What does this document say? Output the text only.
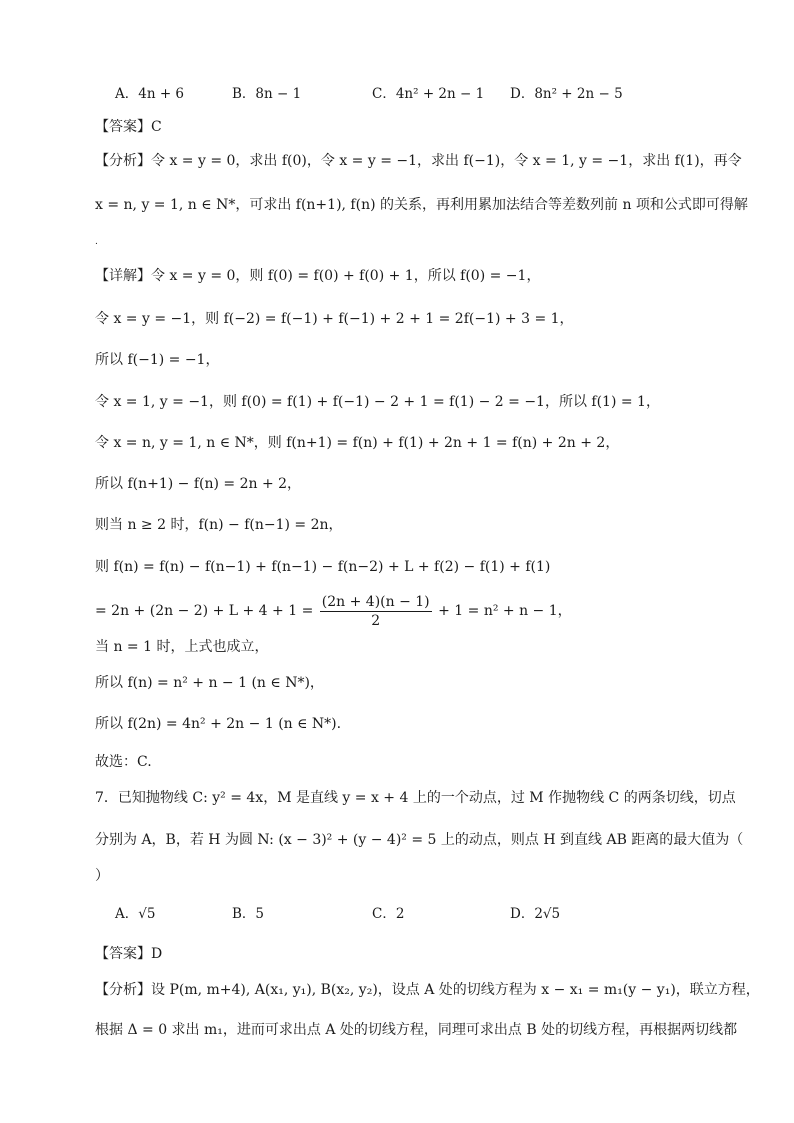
A．4n + 6	B．8n − 1	C．4n² + 2n − 1 D．8n² + 2n − 5
【答案】C
【分析】令 x = y = 0，求出 f(0)，令 x = y = −1，求出 f(−1)，令 x = 1, y = −1，求出 f(1)，再令
x = n, y = 1, n ∈ N*，可求出 f(n+1), f(n) 的关系，再利用累加法结合等差数列前 n 项和公式即可得解
.
【详解】令 x = y = 0，则 f(0) = f(0) + f(0) + 1，所以 f(0) = −1，
令 x = y = −1，则 f(−2) = f(−1) + f(−1) + 2 + 1 = 2f(−1) + 3 = 1，
所以 f(−1) = −1，
令 x = 1, y = −1，则 f(0) = f(1) + f(−1) − 2 + 1 = f(1) − 2 = −1，所以 f(1) = 1，
令 x = n, y = 1, n ∈ N*，则 f(n+1) = f(n) + f(1) + 2n + 1 = f(n) + 2n + 2，
所以 f(n+1) − f(n) = 2n + 2，
则当 n ≥ 2 时，f(n) − f(n−1) = 2n，
则 f(n) = f(n) − f(n−1) + f(n−1) − f(n−2) + L + f(2) − f(1) + f(1)
= $2n + (2n - 2) + L + 4 + 1 = \frac{(2n + 4)(n - 1)}{2} + 1 = n^2 + n - 1$，
当 n = 1 时，上式也成立，
所以 f(n) = n² + n − 1 (n ∈ N*)，
所以 f(2n) = 4n² + 2n − 1 (n ∈ N*).
故选：C.
7．已知抛物线 C: y² = 4x，M 是直线 y = x + 4 上的一个动点，过 M 作抛物线 C 的两条切线，切点
分别为 A，B，若 H 为圆 N: (x − 3)² + (y − 4)² = 5 上的动点，则点 H 到直线 AB 距离的最大值为（
）
A．√5	B．5	C．2	D．2√5
【答案】D
【分析】设 P(m, m+4), A(x₁, y₁), B(x₂, y₂)，设点 A 处的切线方程为 x − x₁ = m₁(y − y₁)，联立方程，
根据 Δ = 0 求出 m₁，进而可求出点 A 处的切线方程，同理可求出点 B 处的切线方程，再根据两切线都
